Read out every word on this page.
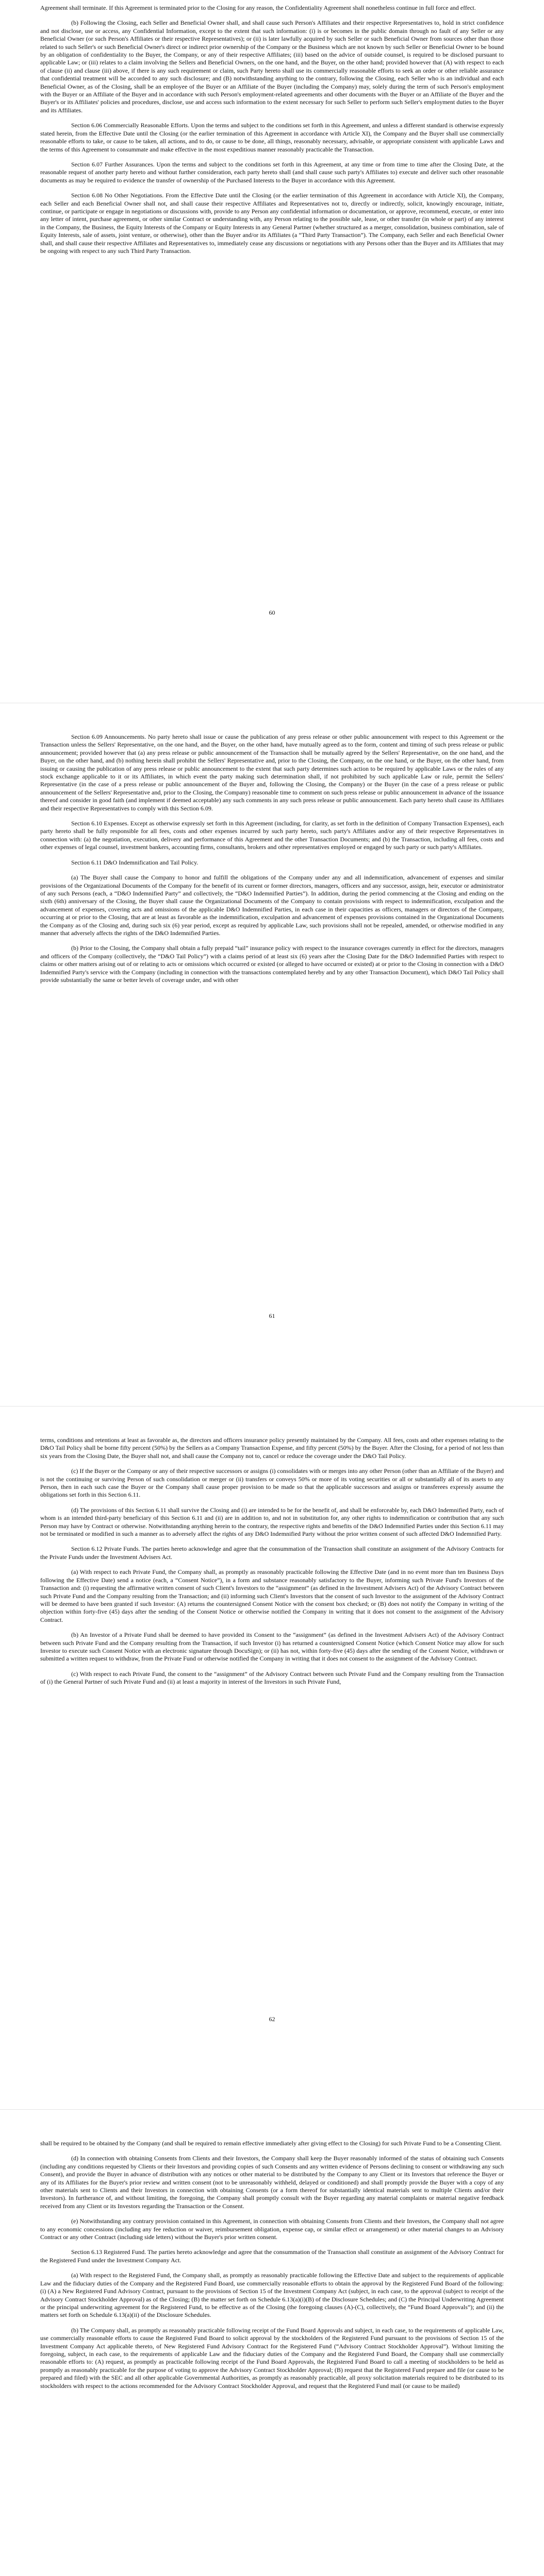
Agreement shall terminate. If this Agreement is terminated prior to the Closing for any reason, the Confidentiality Agreement shall nonetheless continue in full force and effect.

(b) Following the Closing, each Seller and Beneficial Owner shall, and shall cause such Person's Affiliates and their respective Representatives to, hold in strict confidence and not disclose, use or access, any Confidential Information, except to the extent that such information: (i) is or becomes in the public domain through no fault of any Seller or any Beneficial Owner (or such Person's Affiliates or their respective Representatives); or (ii) is later lawfully acquired by such Seller or such Beneficial Owner from sources other than those related to such Seller's or such Beneficial Owner's direct or indirect prior ownership of the Company or the Business which are not known by such Seller or Beneficial Owner to be bound by an obligation of confidentiality to the Buyer, the Company, or any of their respective Affiliates; (iii) based on the advice of outside counsel, is required to be disclosed pursuant to applicable Law; or (iii) relates to a claim involving the Sellers and Beneficial Owners, on the one hand, and the Buyer, on the other hand; provided however that (A) with respect to each of clause (ii) and clause (iii) above, if there is any such requirement or claim, such Party hereto shall use its commercially reasonable efforts to seek an order or other reliable assurance that confidential treatment will be accorded to any such disclosure; and (B) notwithstanding anything to the contrary, following the Closing, each Seller who is an individual and each Beneficial Owner, as of the Closing, shall be an employee of the Buyer or an Affiliate of the Buyer (including the Company) may, solely during the term of such Person's employment with the Buyer or an Affiliate of the Buyer and in accordance with such Person's employment-related agreements and other documents with the Buyer or an Affiliate of the Buyer and the Buyer's or its Affiliates' policies and procedures, disclose, use and access such information to the extent necessary for such Seller to perform such Seller's employment duties to the Buyer and its Affiliates.

Section 6.06 Commercially Reasonable Efforts. Upon the terms and subject to the conditions set forth in this Agreement, and unless a different standard is otherwise expressly stated herein, from the Effective Date until the Closing (or the earlier termination of this Agreement in accordance with Article XI), the Company and the Buyer shall use commercially reasonable efforts to take, or cause to be taken, all actions, and to do, or cause to be done, all things, reasonably necessary, advisable, or appropriate consistent with applicable Laws and the terms of this Agreement to consummate and make effective in the most expeditious manner reasonably practicable the Transaction.

Section 6.07 Further Assurances. Upon the terms and subject to the conditions set forth in this Agreement, at any time or from time to time after the Closing Date, at the reasonable request of another party hereto and without further consideration, each party hereto shall (and shall cause such party's Affiliates to) execute and deliver such other reasonable documents as may be required to evidence the transfer of ownership of the Purchased Interests to the Buyer in accordance with this Agreement.

Section 6.08 No Other Negotiations. From the Effective Date until the Closing (or the earlier termination of this Agreement in accordance with Article XI), the Company, each Seller and each Beneficial Owner shall not, and shall cause their respective Affiliates and Representatives not to, directly or indirectly, solicit, knowingly encourage, initiate, continue, or participate or engage in negotiations or discussions with, provide to any Person any confidential information or documentation, or approve, recommend, execute, or enter into any letter of intent, purchase agreement, or other similar Contract or understanding with, any Person relating to the possible sale, lease, or other transfer (in whole or part) of any interest in the Company, the Business, the Equity Interests of the Company or Equity Interests in any General Partner (whether structured as a merger, consolidation, business combination, sale of Equity Interests, sale of assets, joint venture, or otherwise), other than the Buyer and/or its Affiliates (a “Third Party Transaction”). The Company, each Seller and each Beneficial Owner shall, and shall cause their respective Affiliates and Representatives to, immediately cease any discussions or negotiations with any Persons other than the Buyer and its Affiliates that may be ongoing with respect to any such Third Party Transaction.

60

Section 6.09 Announcements. No party hereto shall issue or cause the publication of any press release or other public announcement with respect to this Agreement or the Transaction unless the Sellers' Representative, on the one hand, and the Buyer, on the other hand, have mutually agreed as to the form, content and timing of such press release or public announcement; provided however that (a) any press release or public announcement of the Transaction shall be mutually agreed by the Sellers' Representative, on the one hand, and the Buyer, on the other hand, and (b) nothing herein shall prohibit the Sellers' Representative and, prior to the Closing, the Company, on the one hand, or the Buyer, on the other hand, from issuing or causing the publication of any press release or public announcement to the extent that such party determines such action to be required by applicable Laws or the rules of any stock exchange applicable to it or its Affiliates, in which event the party making such determination shall, if not prohibited by such applicable Law or rule, permit the Sellers' Representative (in the case of a press release or public announcement of the Buyer and, following the Closing, the Company) or the Buyer (in the case of a press release or public announcement of the Sellers' Representative and, prior to the Closing, the Company) reasonable time to comment on such press release or public announcement in advance of the issuance thereof and consider in good faith (and implement if deemed acceptable) any such comments in any such press release or public announcement. Each party hereto shall cause its Affiliates and their respective Representatives to comply with this Section 6.09.

Section 6.10 Expenses. Except as otherwise expressly set forth in this Agreement (including, for clarity, as set forth in the definition of Company Transaction Expenses), each party hereto shall be fully responsible for all fees, costs and other expenses incurred by such party hereto, such party's Affiliates and/or any of their respective Representatives in connection with: (a) the negotiation, execution, delivery and performance of this Agreement and the other Transaction Documents; and (b) the Transaction, including all fees, costs and other expenses of legal counsel, investment bankers, accounting firms, consultants, brokers and other representatives employed or engaged by such party or such party's Affiliates.

Section 6.11 D&O Indemnification and Tail Policy.

(a) The Buyer shall cause the Company to honor and fulfill the obligations of the Company under any and all indemnification, advancement of expenses and similar provisions of the Organizational Documents of the Company for the benefit of its current or former directors, managers, officers and any successor, assign, heir, executor or administrator of any such Persons (each, a “D&O Indemnified Party” and collectively, the “D&O Indemnified Parties”). In addition, during the period commencing at the Closing and ending on the sixth (6th) anniversary of the Closing, the Buyer shall cause the Organizational Documents of the Company to contain provisions with respect to indemnification, exculpation and the advancement of expenses, covering acts and omissions of the applicable D&O Indemnified Parties, in each case in their capacities as officers, managers or directors of the Company, occurring at or prior to the Closing, that are at least as favorable as the indemnification, exculpation and advancement of expenses provisions contained in the Organizational Documents the Company as of the Closing and, during such six (6) year period, except as required by applicable Law, such provisions shall not be repealed, amended, or otherwise modified in any manner that adversely affects the rights of the D&O Indemnified Parties.

(b) Prior to the Closing, the Company shall obtain a fully prepaid “tail” insurance policy with respect to the insurance coverages currently in effect for the directors, managers and officers of the Company (collectively, the “D&O Tail Policy”) with a claims period of at least six (6) years after the Closing Date for the D&O Indemnified Parties with respect to claims or other matters arising out of or relating to acts or omissions which occurred or existed (or alleged to have occurred or existed) at or prior to the Closing in connection with a D&O Indemnified Party's service with the Company (including in connection with the transactions contemplated hereby and by any other Transaction Document), which D&O Tail Policy shall provide substantially the same or better levels of coverage under, and with other

61

terms, conditions and retentions at least as favorable as, the directors and officers insurance policy presently maintained by the Company. All fees, costs and other expenses relating to the D&O Tail Policy shall be borne fifty percent (50%) by the Sellers as a Company Transaction Expense, and fifty percent (50%) by the Buyer. After the Closing, for a period of not less than six years from the Closing Date, the Buyer shall not, and shall cause the Company not to, cancel or reduce the coverage under the D&O Tail Policy.

(c) If the Buyer or the Company or any of their respective successors or assigns (i) consolidates with or merges into any other Person (other than an Affiliate of the Buyer) and is not the continuing or surviving Person of such consolidation or merger or (ii) transfers or conveys 50% or more of its voting securities or all or substantially all of its assets to any Person, then in each such case the Buyer or the Company shall cause proper provision to be made so that the applicable successors and assigns or transferees expressly assume the obligations set forth in this Section 6.11.

(d) The provisions of this Section 6.11 shall survive the Closing and (i) are intended to be for the benefit of, and shall be enforceable by, each D&O Indemnified Party, each of whom is an intended third-party beneficiary of this Section 6.11 and (ii) are in addition to, and not in substitution for, any other rights to indemnification or contribution that any such Person may have by Contract or otherwise. Notwithstanding anything herein to the contrary, the respective rights and benefits of the D&O Indemnified Parties under this Section 6.11 may not be terminated or modified in such a manner as to adversely affect the rights of any D&O Indemnified Party without the prior written consent of such affected D&O Indemnified Party.

Section 6.12 Private Funds. The parties hereto acknowledge and agree that the consummation of the Transaction shall constitute an assignment of the Advisory Contracts for the Private Funds under the Investment Advisers Act.

(a) With respect to each Private Fund, the Company shall, as promptly as reasonably practicable following the Effective Date (and in no event more than ten Business Days following the Effective Date) send a notice (each, a “Consent Notice”), in a form and substance reasonably satisfactory to the Buyer, informing such Private Fund's Investors of the Transaction and: (i) requesting the affirmative written consent of such Client's Investors to the “assignment” (as defined in the Investment Advisers Act) of the Advisory Contract between such Private Fund and the Company resulting from the Transaction; and (ii) informing such Client's Investors that the consent of such Investor to the assignment of the Advisory Contract will be deemed to have been granted if such Investor: (A) returns the countersigned Consent Notice with the consent box checked; or (B) does not notify the Company in writing of the objection within forty-five (45) days after the sending of the Consent Notice or otherwise notified the Company in writing that it does not consent to the assignment of the Advisory Contract.

(b) An Investor of a Private Fund shall be deemed to have provided its Consent to the “assignment” (as defined in the Investment Advisers Act) of the Advisory Contract between such Private Fund and the Company resulting from the Transaction, if such Investor (i) has returned a countersigned Consent Notice (which Consent Notice may allow for such Investor to execute such Consent Notice with an electronic signature through DocuSign); or (ii) has not, within forty-five (45) days after the sending of the Consent Notice, withdrawn or submitted a written request to withdraw, from the Private Fund or otherwise notified the Company in writing that it does not consent to the assignment of the Advisory Contract.

(c) With respect to each Private Fund, the consent to the “assignment” of the Advisory Contract between such Private Fund and the Company resulting from the Transaction of (i) the General Partner of such Private Fund and (ii) at least a majority in interest of the Investors in such Private Fund,

62

shall be required to be obtained by the Company (and shall be required to remain effective immediately after giving effect to the Closing) for such Private Fund to be a Consenting Client.

(d) In connection with obtaining Consents from Clients and their Investors, the Company shall keep the Buyer reasonably informed of the status of obtaining such Consents (including any conditions requested by Clients or their Investors and providing copies of such Consents and any written evidence of Persons declining to consent or withdrawing any such Consent), and provide the Buyer in advance of distribution with any notices or other material to be distributed by the Company to any Client or its Investors that reference the Buyer or any of its Affiliates for the Buyer's prior review and written consent (not to be unreasonably withheld, delayed or conditioned) and shall promptly provide the Buyer with a copy of any other materials sent to Clients and their Investors in connection with obtaining Consents (or a form thereof for substantially identical materials sent to multiple Clients and/or their Investors). In furtherance of, and without limiting, the foregoing, the Company shall promptly consult with the Buyer regarding any material complaints or material negative feedback received from any Client or its Investors regarding the Transaction or the Consent.

(e) Notwithstanding any contrary provision contained in this Agreement, in connection with obtaining Consents from Clients and their Investors, the Company shall not agree to any economic concessions (including any fee reduction or waiver, reimbursement obligation, expense cap, or similar effect or arrangement) or other material changes to an Advisory Contract or any other Contract (including side letters) without the Buyer's prior written consent.

Section 6.13 Registered Fund. The parties hereto acknowledge and agree that the consummation of the Transaction shall constitute an assignment of the Advisory Contract for the Registered Fund under the Investment Company Act.

(a) With respect to the Registered Fund, the Company shall, as promptly as reasonably practicable following the Effective Date and subject to the requirements of applicable Law and the fiduciary duties of the Company and the Registered Fund Board, use commercially reasonable efforts to obtain the approval by the Registered Fund Board of the following: (i) (A) a New Registered Fund Advisory Contract, pursuant to the provisions of Section 15 of the Investment Company Act (subject, in each case, to the approval (subject to receipt of the Advisory Contract Stockholder Approval) as of the Closing; (B) the matter set forth on Schedule 6.13(a)(i)(B) of the Disclosure Schedules; and (C) the Principal Underwriting Agreement or the principal underwriting agreement for the Registered Fund, to be effective as of the Closing (the foregoing clauses (A)-(C), collectively, the “Fund Board Approvals”); and (ii) the matters set forth on Schedule 6.13(a)(ii) of the Disclosure Schedules.

(b) The Company shall, as promptly as reasonably practicable following receipt of the Fund Board Approvals and subject, in each case, to the requirements of applicable Law, use commercially reasonable efforts to cause the Registered Fund Board to solicit approval by the stockholders of the Registered Fund pursuant to the provisions of Section 15 of the Investment Company Act applicable thereto, of New Registered Fund Advisory Contract for the Registered Fund (“Advisory Contract Stockholder Approval”). Without limiting the foregoing, subject, in each case, to the requirements of applicable Law and the fiduciary duties of the Company and the Registered Fund Board, the Company shall use commercially reasonable efforts to: (A) request, as promptly as practicable following receipt of the Fund Board Approvals, the Registered Fund Board to call a meeting of stockholders to be held as promptly as reasonably practicable for the purpose of voting to approve the Advisory Contract Stockholder Approval; (B) request that the Registered Fund prepare and file (or cause to be prepared and filed) with the SEC and all other applicable Governmental Authorities, as promptly as reasonably practicable, all proxy solicitation materials required to be distributed to its stockholders with respect to the actions recommended for the Advisory Contract Stockholder Approval, and request that the Registered Fund mail (or cause to be mailed)
